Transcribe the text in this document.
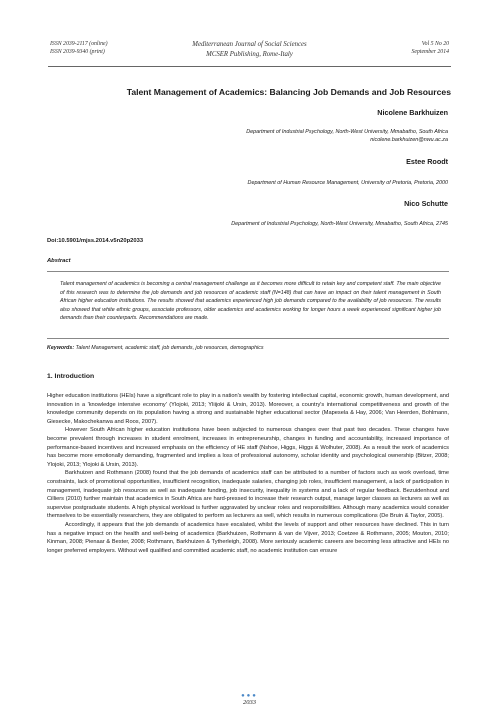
ISSN 2039-2117 (online)
ISSN 2039-9340 (print)
Mediterranean Journal of Social Sciences
MCSER Publishing, Rome-Italy
Vol 5 No 20
September 2014
Talent Management of Academics: Balancing Job Demands and Job Resources
Nicolene Barkhuizen
Department of Industrial Psychology, North-West University, Mmabatho, South Africa
nicolene.barkhuizen@nwu.ac.za
Estee Roodt
Department of Human Resource Management, University of Pretoria, Pretoria, 2000
Nico Schutte
Department of Industrial Psychology, North-West University, Mmabatho, South Africa, 2745
Doi:10.5901/mjss.2014.v5n20p2033
Abstract
Talent management of academics is becoming a central management challenge as it becomes more difficult to retain key and competent staff. The main objective of this research was to determine the job demands and job resources of academic staff (N=148) that can have an impact on their talent management in South African higher education institutions. The results showed that academics experienced high job demands compared to the availability of job resources. The results also showed that white ethnic groups, associate professors, older academics and academics working for longer hours a week experienced significant higher job demands than their counterparts. Recommendations are made.
Keywords: Talent Management, academic staff, job demands, job resources, demographics
1. Introduction

Higher education institutions (HEIs) have a significant role to play in a nation's wealth by fostering intellectual capital, economic growth, human development, and innovation in a 'knowledge intensive economy' (Ylojoki, 2013; Yliijoki & Ursin, 2013). Moreover, a country's international competitiveness and growth of the knowledge community depends on its population having a strong and sustainable higher educational sector (Mapesela & Hay, 2006; Van Heerden, Bohlmann, Giesecke, Makochekanwa and Roos, 2007).

However South African higher education institutions have been subjected to numerous changes over that past two decades. These changes have become prevalent through increases in student enrolment, increases in entrepreneurship, changes in funding and accountability, increased importance of performance-based incentives and increased emphasis on the efficiency of HE staff (Nshoe, Higgs, Higgs & Wolhuter, 2008). As a result the work of academics has become more emotionally demanding, fragmented and implies a loss of professional autonomy, scholar identity and psychological ownership (Bitzer, 2008; Ylojoki, 2013; Ylojoki & Ursin, 2013).

Barkhuizen and Rothmann (2008) found that the job demands of academics staff can be attributed to a number of factors such as work overload, time constraints, lack of promotional opportunities, insufficient recognition, inadequate salaries, changing job roles, insufficient management, a lack of participation in management, inadequate job resources as well as inadequate funding, job insecurity, inequality in systems and a lack of regular feedback. Bezuidenhout and Cilliers (2010) further maintain that academics in South Africa are hard-pressed to increase their research output, manage larger classes as lecturers as well as supervise postgraduate students. A high physical workload is further aggravated by unclear roles and responsibilities. Although many academics would consider themselves to be essentially researchers, they are obligated to perform as lecturers as well, which results in numerous complications (De Bruin & Taylor, 2005).

Accordingly, it appears that the job demands of academics have escalated, whilst the levels of support and other resources have declined. This in turn has a negative impact on the health and well-being of academics (Barkhuizen, Rothmann & van de Vijver, 2013; Coetzee & Rothmann, 2005; Mouton, 2010; Kinman, 2008; Pienaar & Bester, 2008; Rothmann, Barkhuizen & Tytherleigh, 2008). More seriously academic careers are becoming less attractive and HEIs no longer preferred employers. Without well qualified and committed academic staff, no academic institution can ensure

●●●
2033
